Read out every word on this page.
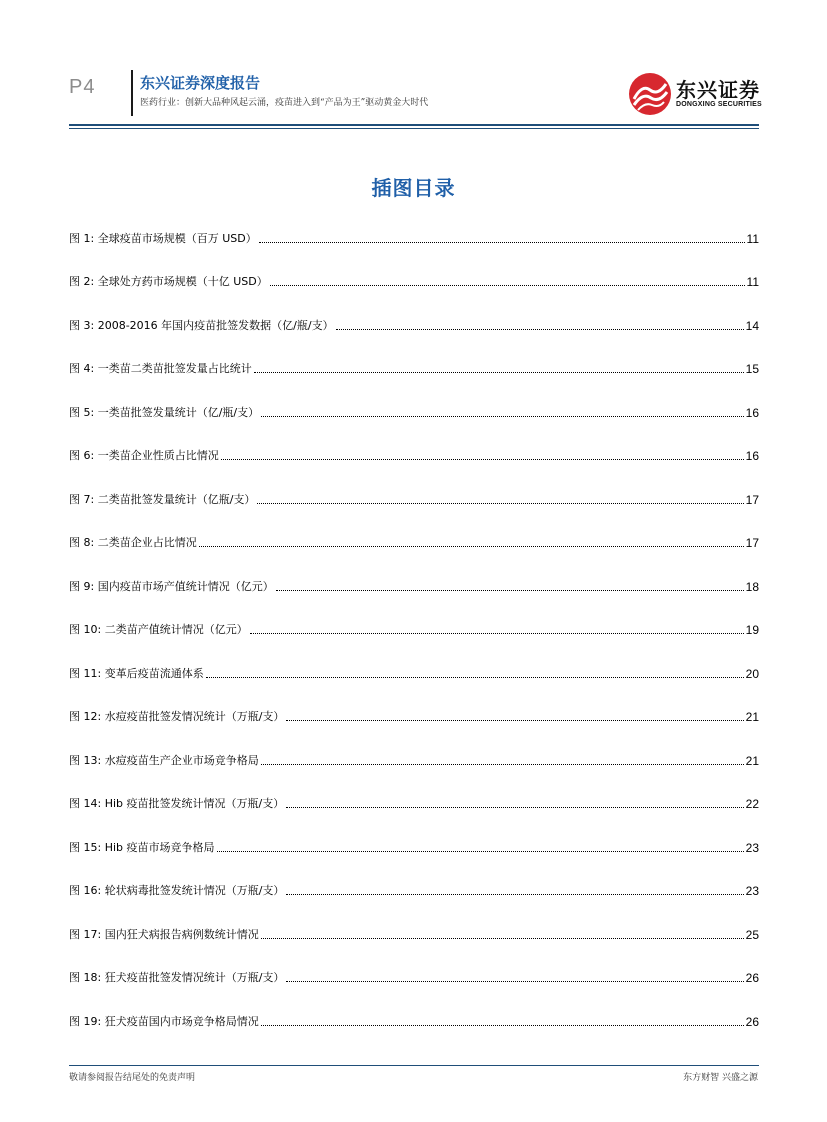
P4	东兴证券深度报告
医药行业：创新大品种风起云涌，疫苗进入到“产品为王”驱动黄金大时代
东兴证券
DONGXING SECURITIES
插图目录
图 1: 全球疫苗市场规模（百万 USD）	11
图 2: 全球处方药市场规模（十亿 USD）	11
图 3: 2008-2016 年国内疫苗批签发数据（亿/瓶/支）	14
图 4: 一类苗二类苗批签发量占比统计	15
图 5: 一类苗批签发量统计（亿/瓶/支）	16
图 6: 一类苗企业性质占比情况	16
图 7: 二类苗批签发量统计（亿瓶/支）	17
图 8: 二类苗企业占比情况	17
图 9: 国内疫苗市场产值统计情况（亿元）	18
图 10: 二类苗产值统计情况（亿元）	19
图 11: 变革后疫苗流通体系	20
图 12: 水痘疫苗批签发情况统计（万瓶/支）	21
图 13: 水痘疫苗生产企业市场竞争格局	21
图 14: Hib 疫苗批签发统计情况（万瓶/支）	22
图 15: Hib 疫苗市场竞争格局	23
图 16: 轮状病毒批签发统计情况（万瓶/支）	23
图 17: 国内狂犬病报告病例数统计情况	25
图 18: 狂犬疫苗批签发情况统计（万瓶/支）	26
图 19: 狂犬疫苗国内市场竞争格局情况	26
敬请参阅报告结尾处的免责声明	东方财智 兴盛之源
